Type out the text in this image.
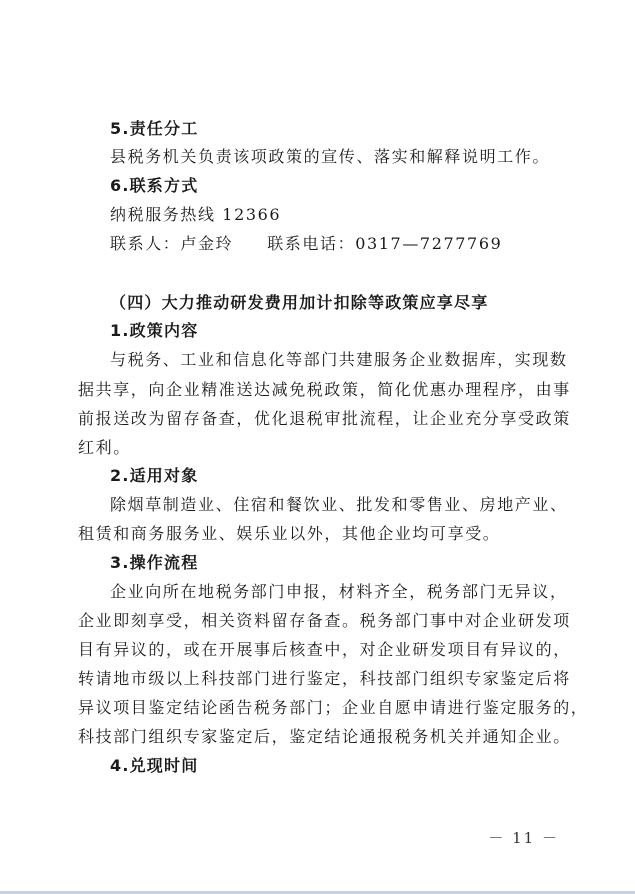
5.责任分工
县税务机关负责该项政策的宣传、落实和解释说明工作。
6.联系方式
纳税服务热线 12366
联系人：卢金玲 联系电话：0317—7277769
（四）大力推动研发费用加计扣除等政策应享尽享
1.政策内容
与税务、工业和信息化等部门共建服务企业数据库，实现数
据共享，向企业精准送达减免税政策，简化优惠办理程序，由事
前报送改为留存备查，优化退税审批流程，让企业充分享受政策
红利。
2.适用对象
除烟草制造业、住宿和餐饮业、批发和零售业、房地产业、
租赁和商务服务业、娱乐业以外，其他企业均可享受。
3.操作流程
企业向所在地税务部门申报，材料齐全，税务部门无异议，
企业即刻享受，相关资料留存备查。税务部门事中对企业研发项
目有异议的，或在开展事后核查中，对企业研发项目有异议的，
转请地市级以上科技部门进行鉴定，科技部门组织专家鉴定后将
异议项目鉴定结论函告税务部门；企业自愿申请进行鉴定服务的，
科技部门组织专家鉴定后，鉴定结论通报税务机关并通知企业。
4.兑现时间
－ 11 －
